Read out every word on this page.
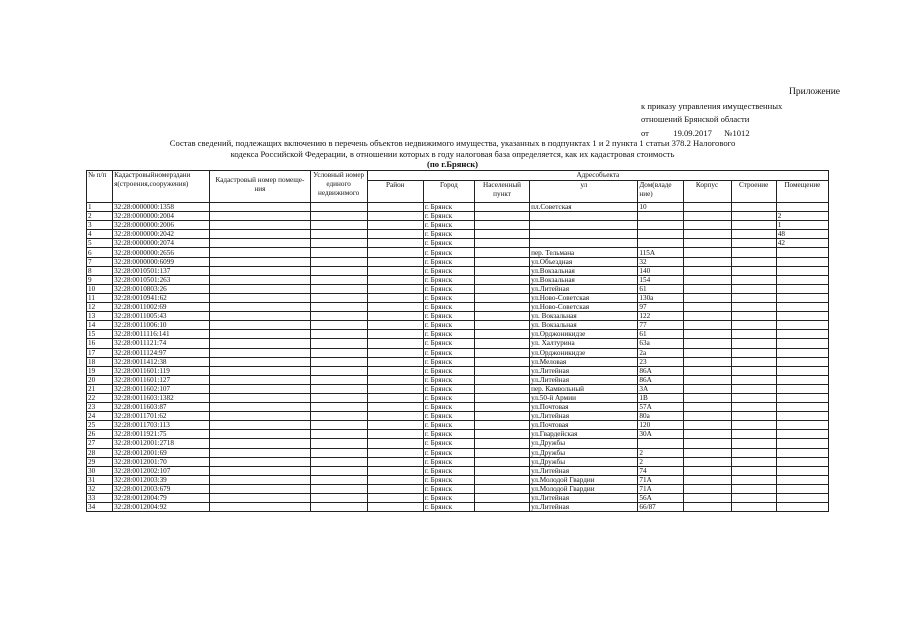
Приложение
к приказу управления имущественных
отношений Брянской области
от	19.09.2017 №1012
Состав сведений, подлежащих включению в перечень объектов недвижимого имущества, указанных в подпунктах 1 и 2 пункта 1 статьи 378.2 Налогового
кодекса Российской Федерации, в отношении которых в году налоговая база определяется, как их кадастровая стоимость
(по г.Брянск)
№ п/п	Кадастровыйномерздани я(строения,сооружения)	Кадастровый номер помеще-ния	Условный номер единого недвижимого	Адресобъекта							
				Район	Город	Населенный пункт	ул	Дом(владе ние)	Корпус	Строение	Помещение
1	32:28:0000000:1358				г. Брянск		пл.Советская	10			
2	32:28:0000000:2004				г. Брянск						2
3	32:28:0000000:2006				г. Брянск						1
4	32:28:0000000:2042				г. Брянск						48
5	32:28:0000000:2074				г. Брянск						42
6	32:28:0000000:2656				г. Брянск		пер. Тельмана	115А			
7	32:28:0000000:6099				г. Брянск		ул.Объездная	32			
8	32:28:0010501:137				г. Брянск		ул.Вокзальная	140			
9	32:28:0010501:263				г. Брянск		ул.Вокзальная	154			
10	32:28:0010803:26				г. Брянск		ул.Литейная	61			
11	32:28:0010941:62				г. Брянск		ул.Ново-Советская	130а			
12	32:28:0011002:69				г. Брянск		ул.Ново-Советская	97			
13	32:28:0011005:43				г. Брянск		ул. Вокзальная	122			
14	32:28:0011006:10				г. Брянск		ул. Вокзальная	77			
15	32:28:0011116:141				г. Брянск		ул.Орджоникидзе	61			
16	32:28:0011121:74				г. Брянск		ул. Халтурина	63а			
17	32:28:0011124:97				г. Брянск		ул.Орджоникидзе	2а			
18	32:28:0011412:38				г. Брянск		ул.Меловая	23			
19	32:28:0011601:119				г. Брянск		ул.Литейная	86А			
20	32:28:0011601:127				г. Брянск		ул.Литейная	86А			
21	32:28:0011602:107				г. Брянск		пер. Камвольный	3А			
22	32:28:0011603:1382				г. Брянск		ул.50-й Армии	1В			
23	32:28:0011603:87				г. Брянск		ул.Почтовая	57А			
24	32:28:0011701:62				г. Брянск		ул.Литейная	80а			
25	32:28:0011703:113				г. Брянск		ул.Почтовая	120			
26	32:28:0011921:75				г. Брянск		ул.Гвардейская	30А			
27	32:28:0012001:2718				г. Брянск		ул.Дружбы				
28	32:28:0012001:69				г. Брянск		ул.Дружбы	2			
29	32:28:0012001:70				г. Брянск		ул.Дружбы	2			
30	32:28:0012002:107				г. Брянск		ул.Литейная	74			
31	32:28:0012003:39				г. Брянск		ул.Молодой Гвардии	71А			
32	32:28:0012003:679				г. Брянск		ул.Молодой Гвардии	71А			
33	32:28:0012004:79				г. Брянск		ул.Литейная	56А			
34	32:28:0012004:92				г. Брянск		ул.Литейная	66/87			
